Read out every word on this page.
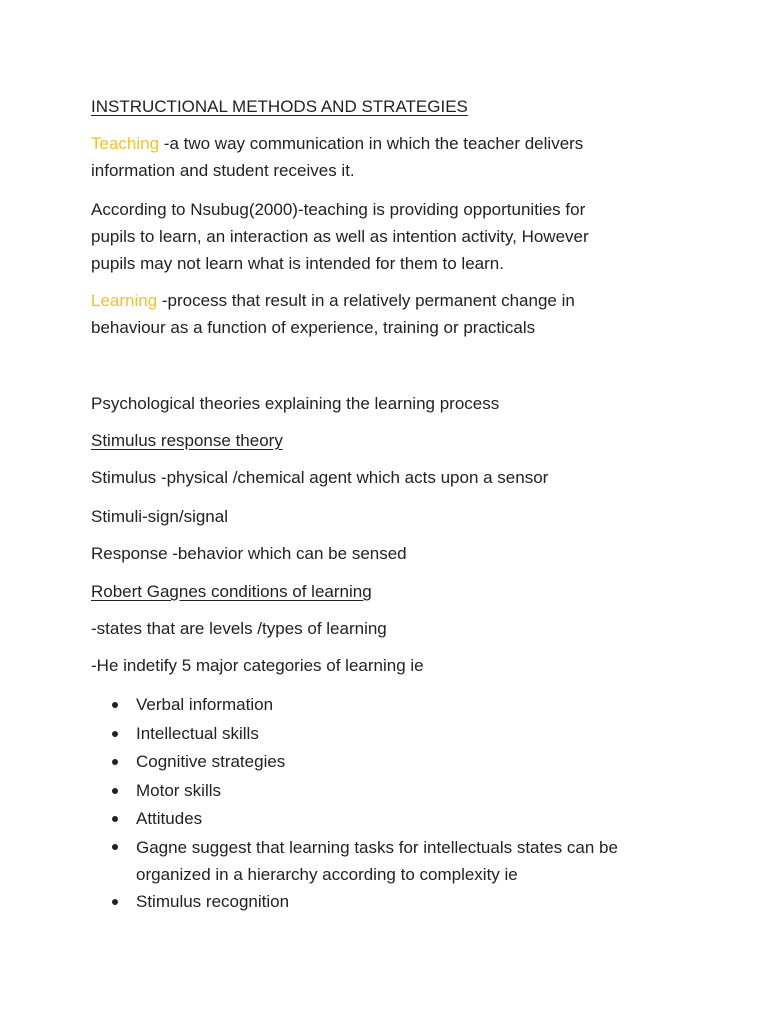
INSTRUCTIONAL METHODS AND STRATEGIES
Teaching -a two way communication in which the teacher delivers
information and student receives it.
According to Nsubug(2000)-teaching is providing opportunities for
pupils to learn, an interaction as well as intention activity, However
pupils may not learn what is intended for them to learn.
Learning -process that result in a relatively permanent change in
behaviour as a function of experience, training or practicals
Psychological theories explaining the learning process
Stimulus response theory
Stimulus -physical /chemical agent which acts upon a sensor
Stimuli-sign/signal
Response -behavior which can be sensed
Robert Gagnes conditions of learning
-states that are levels /types of learning
-He indetify 5 major categories of learning ie
Verbal information
Intellectual skills
Cognitive strategies
Motor skills
Attitudes
Gagne suggest that learning tasks for intellectuals states can be
organized in a hierarchy according to complexity ie
Stimulus recognition
